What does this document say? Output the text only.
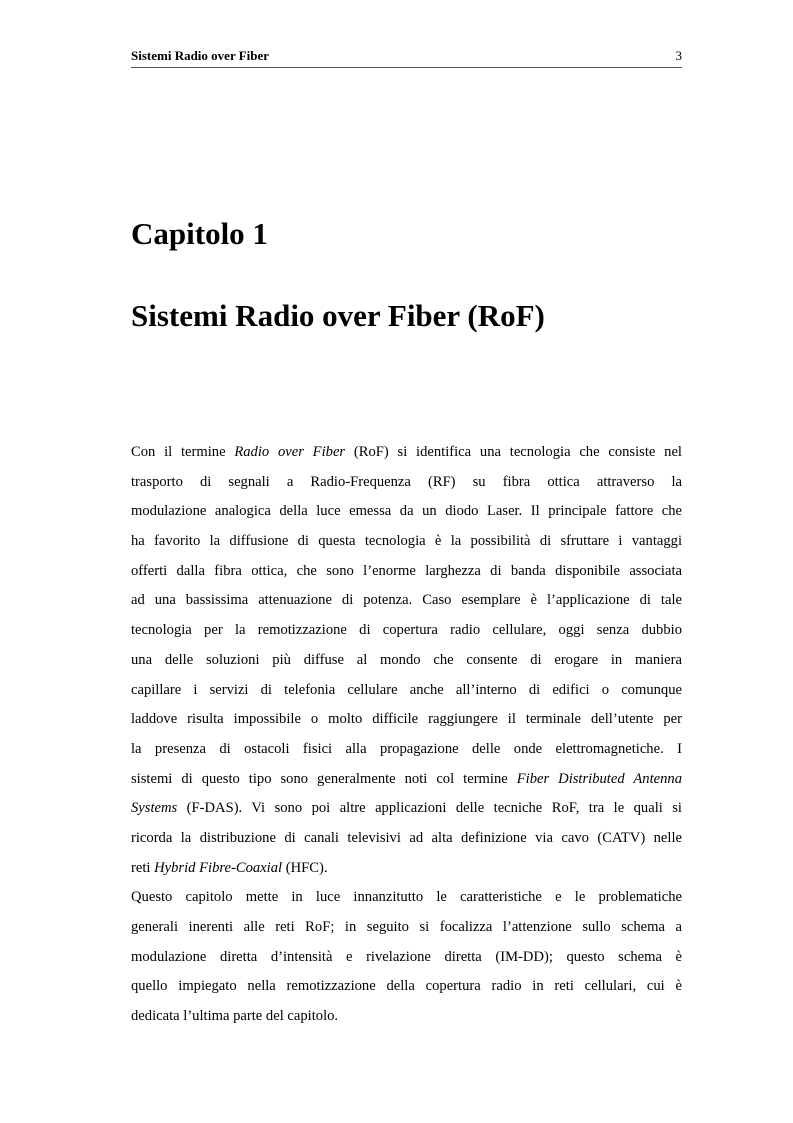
Sistemi Radio over Fiber	3
Capitolo 1
Sistemi Radio over Fiber (RoF)
Con il termine Radio over Fiber (RoF) si identifica una tecnologia che consiste nel
trasporto di segnali a Radio-Frequenza (RF) su fibra ottica attraverso la
modulazione analogica della luce emessa da un diodo Laser. Il principale fattore che
ha favorito la diffusione di questa tecnologia è la possibilità di sfruttare i vantaggi
offerti dalla fibra ottica, che sono l’enorme larghezza di banda disponibile associata
ad una bassissima attenuazione di potenza. Caso esemplare è l’applicazione di tale
tecnologia per la remotizzazione di copertura radio cellulare, oggi senza dubbio
una delle soluzioni più diffuse al mondo che consente di erogare in maniera
capillare i servizi di telefonia cellulare anche all’interno di edifici o comunque
laddove risulta impossibile o molto difficile raggiungere il terminale dell’utente per
la presenza di ostacoli fisici alla propagazione delle onde elettromagnetiche. I
sistemi di questo tipo sono generalmente noti col termine Fiber Distributed Antenna
Systems (F-DAS). Vi sono poi altre applicazioni delle tecniche RoF, tra le quali si
ricorda la distribuzione di canali televisivi ad alta definizione via cavo (CATV) nelle
reti Hybrid Fibre-Coaxial (HFC).
Questo capitolo mette in luce innanzitutto le caratteristiche e le problematiche
generali inerenti alle reti RoF; in seguito si focalizza l’attenzione sullo schema a
modulazione diretta d’intensità e rivelazione diretta (IM-DD); questo schema è
quello impiegato nella remotizzazione della copertura radio in reti cellulari, cui è
dedicata l’ultima parte del capitolo.
